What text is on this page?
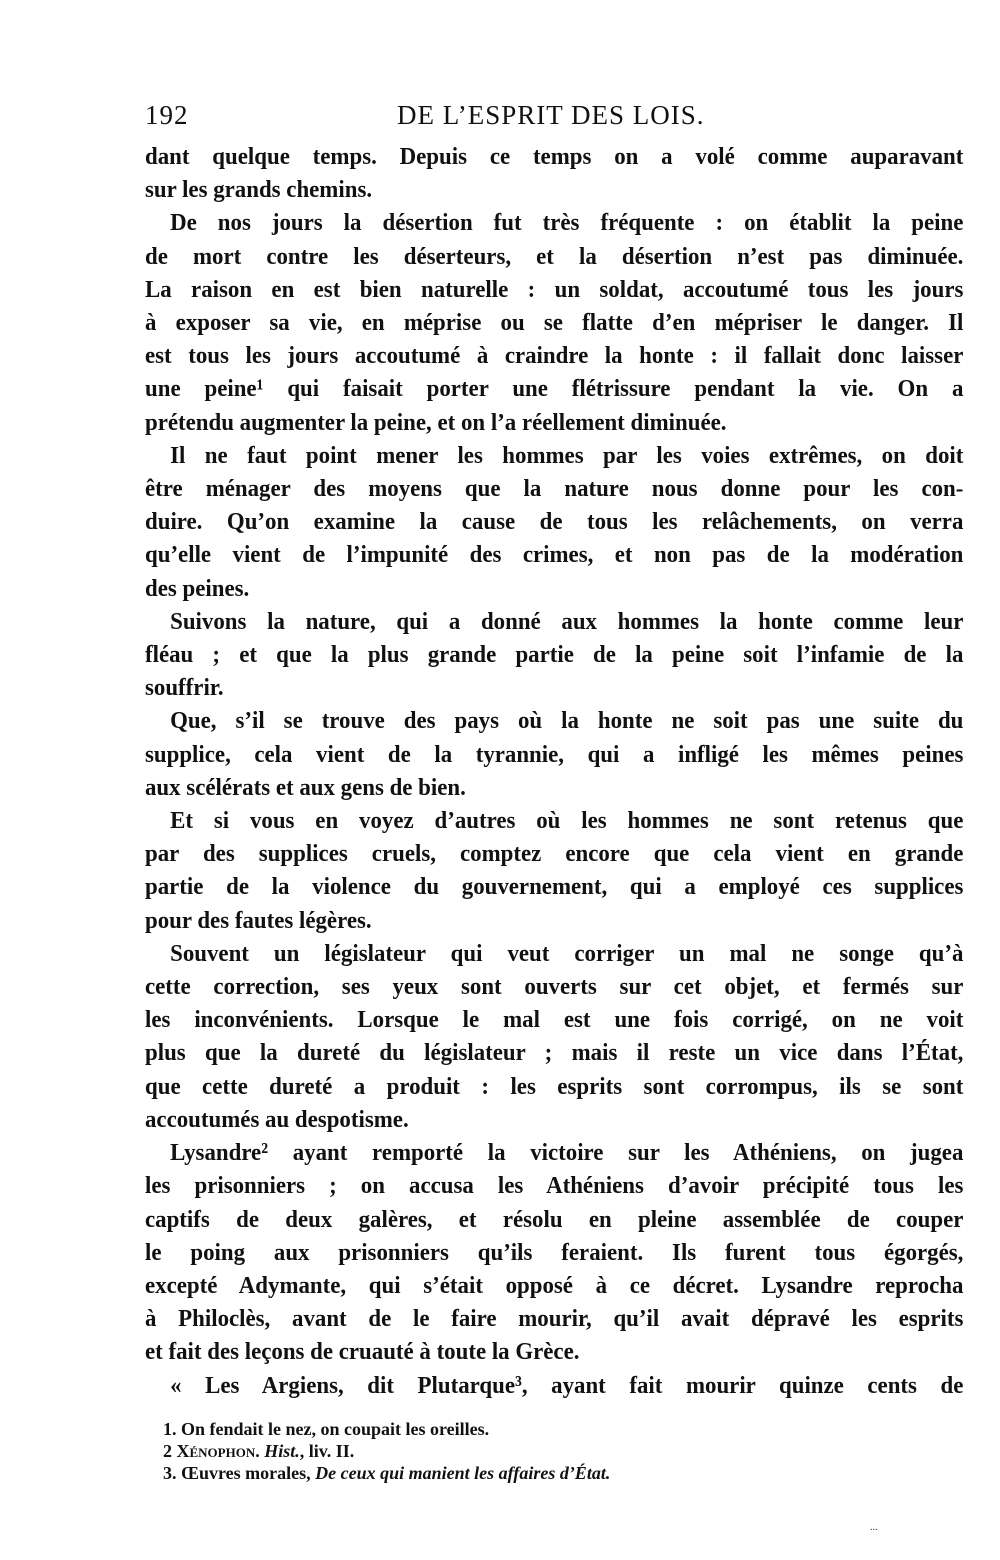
192	DE L’ESPRIT DES LOIS.
dant quelque temps. Depuis ce temps on a volé comme auparavant
sur les grands chemins.
De nos jours la désertion fut très fréquente : on établit la peine
de mort contre les déserteurs, et la désertion n’est pas diminuée.
La raison en est bien naturelle : un soldat, accoutumé tous les jours
à exposer sa vie, en méprise ou se flatte d’en mépriser le danger. Il
est tous les jours accoutumé à craindre la honte : il fallait donc laisser
une peine¹ qui faisait porter une flétrissure pendant la vie. On a
prétendu augmenter la peine, et on l’a réellement diminuée.
Il ne faut point mener les hommes par les voies extrêmes, on doit
être ménager des moyens que la nature nous donne pour les con-
duire. Qu’on examine la cause de tous les relâchements, on verra
qu’elle vient de l’impunité des crimes, et non pas de la modération
des peines.
Suivons la nature, qui a donné aux hommes la honte comme leur
fléau ; et que la plus grande partie de la peine soit l’infamie de la
souffrir.
Que, s’il se trouve des pays où la honte ne soit pas une suite du
supplice, cela vient de la tyrannie, qui a infligé les mêmes peines
aux scélérats et aux gens de bien.
Et si vous en voyez d’autres où les hommes ne sont retenus que
par des supplices cruels, comptez encore que cela vient en grande
partie de la violence du gouvernement, qui a employé ces supplices
pour des fautes légères.
Souvent un législateur qui veut corriger un mal ne songe qu’à
cette correction, ses yeux sont ouverts sur cet objet, et fermés sur
les inconvénients. Lorsque le mal est une fois corrigé, on ne voit
plus que la dureté du législateur ; mais il reste un vice dans l’État,
que cette dureté a produit : les esprits sont corrompus, ils se sont
accoutumés au despotisme.
Lysandre² ayant remporté la victoire sur les Athéniens, on jugea
les prisonniers ; on accusa les Athéniens d’avoir précipité tous les
captifs de deux galères, et résolu en pleine assemblée de couper
le poing aux prisonniers qu’ils feraient. Ils furent tous égorgés,
excepté Adymante, qui s’était opposé à ce décret. Lysandre reprocha
à Philoclès, avant de le faire mourir, qu’il avait dépravé les esprits
et fait des leçons de cruauté à toute la Grèce.
« Les Argiens, dit Plutarque³, ayant fait mourir quinze cents de
1. On fendait le nez, on coupait les oreilles.
2 Xénophon. Hist., liv. II.
3. Œuvres morales, De ceux qui manient les affaires d’État.
...
